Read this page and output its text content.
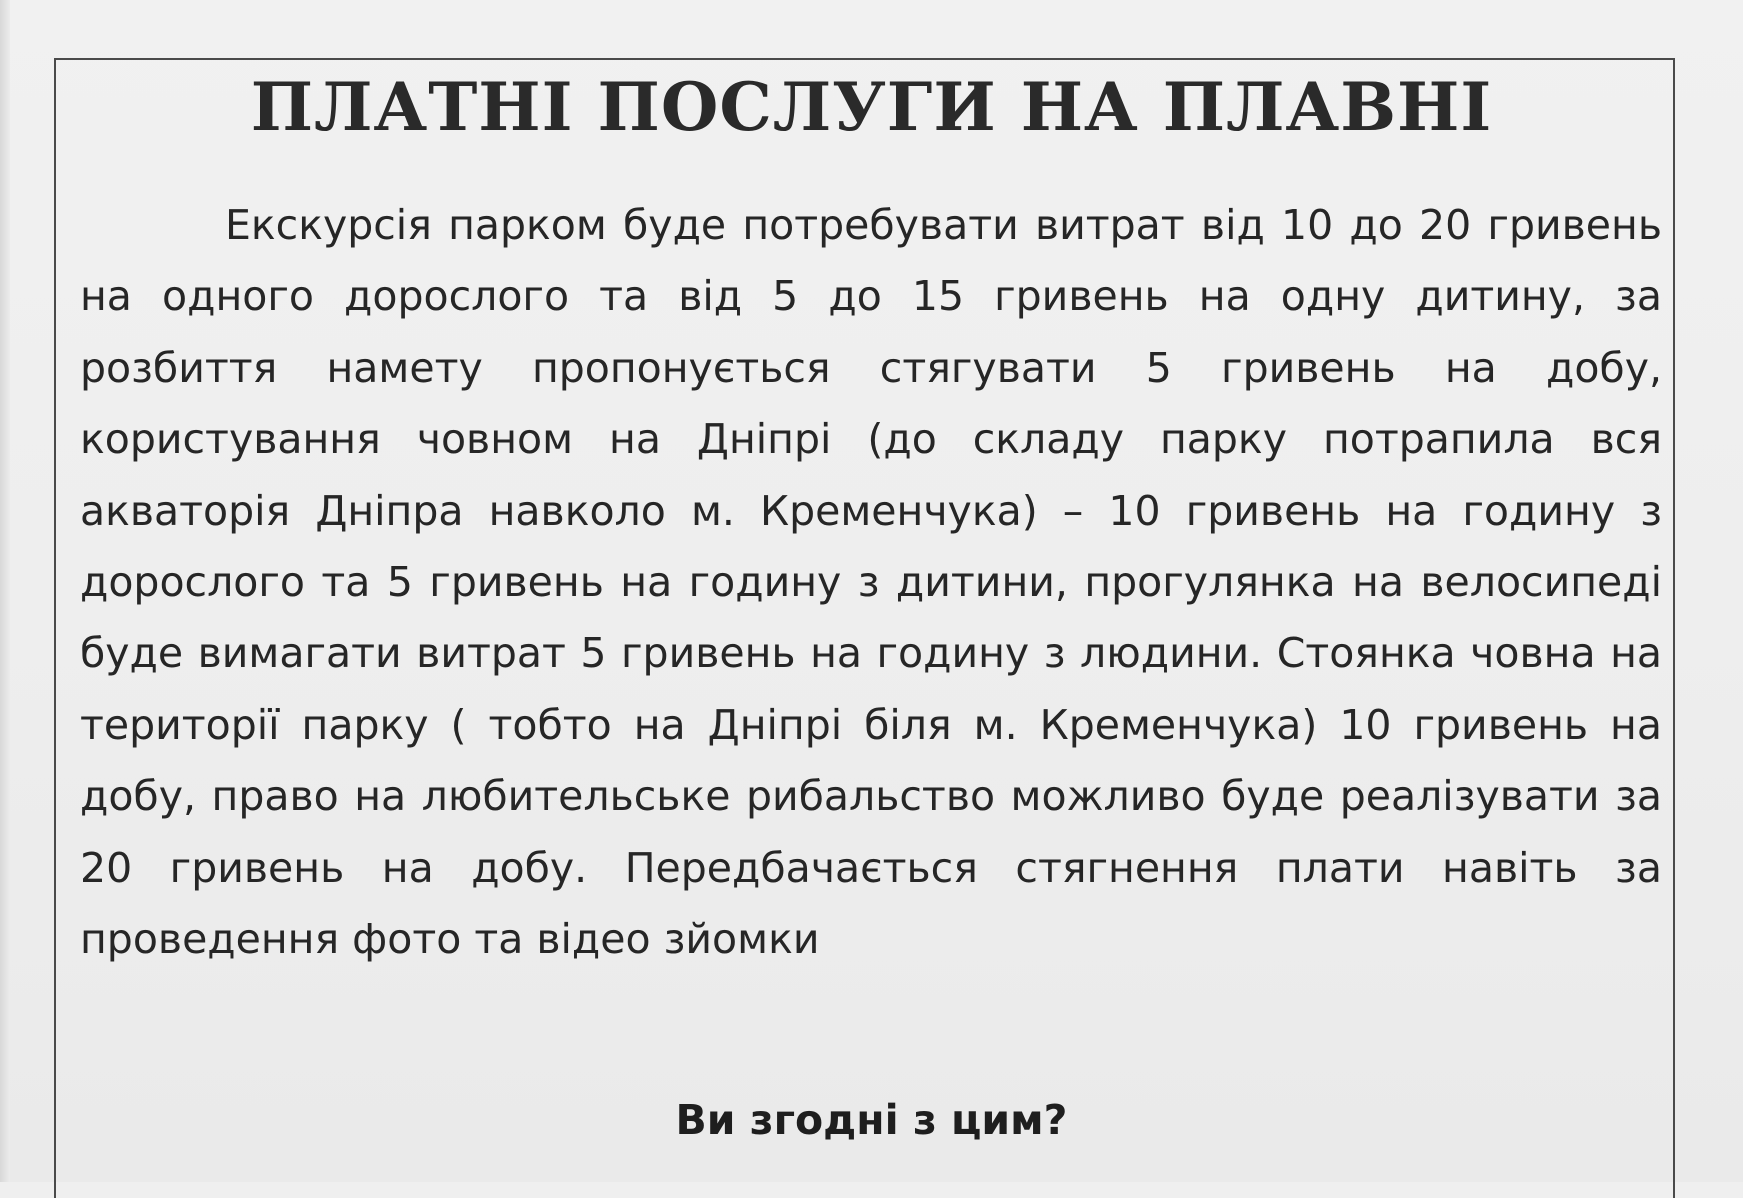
ПЛАТНІ ПОСЛУГИ НА ПЛАВНІ

Екскурсія парком буде потребувати витрат від 10 до 20 гривень на одного дорослого та від 5 до 15 гривень на одну дитину, за розбиття намету пропонується стягувати 5 гривень на добу, користування човном на Дніпрі (до складу парку потрапила вся акваторія Дніпра навколо м. Кременчука) – 10 гривень на годину з дорослого та 5 гривень на годину з дитини, прогулянка на велосипеді буде вимагати витрат 5 гривень на годину з людини. Стоянка човна на території парку ( тобто на Дніпрі біля м. Кременчука) 10 гривень на добу, право на любительське рибальство можливо буде реалізувати за 20 гривень на добу. Передбачається стягнення плати навіть за проведення фото та відео зйомки

Ви згодні з цим?
